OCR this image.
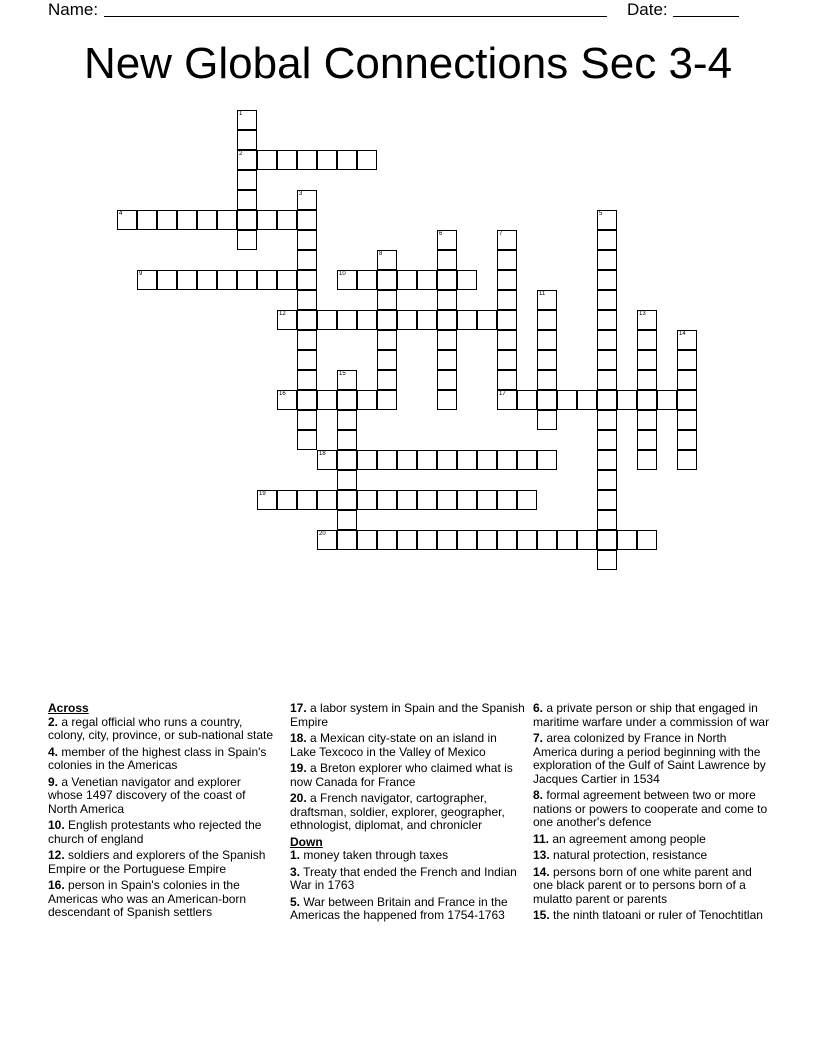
Name:	Date:
New Global Connections Sec 3-4
1
2
3
4	5
6	7
8
9	10
11
12	13
14
15
16	17
18
19
20
Across
2. a regal official who runs a country, colony, city, province, or sub-national state
4. member of the highest class in Spain's colonies in the Americas
9. a Venetian navigator and explorer whose 1497 discovery of the coast of North America
10. English protestants who rejected the church of england
12. soldiers and explorers of the Spanish Empire or the Portuguese Empire
16. person in Spain's colonies in the Americas who was an American-born descendant of Spanish settlers
17. a labor system in Spain and the Spanish Empire
18. a Mexican city-state on an island in Lake Texcoco in the Valley of Mexico
19. a Breton explorer who claimed what is now Canada for France
20. a French navigator, cartographer, draftsman, soldier, explorer, geographer, ethnologist, diplomat, and chronicler
Down
1. money taken through taxes
3. Treaty that ended the French and Indian War in 1763
5. War between Britain and France in the Americas the happened from 1754-1763
6. a private person or ship that engaged in maritime warfare under a commission of war
7. area colonized by France in North America during a period beginning with the exploration of the Gulf of Saint Lawrence by Jacques Cartier in 1534
8. formal agreement between two or more nations or powers to cooperate and come to one another's defence
11. an agreement among people
13. natural protection, resistance
14. persons born of one white parent and one black parent or to persons born of a mulatto parent or parents
15. the ninth tlatoani or ruler of Tenochtitlan
